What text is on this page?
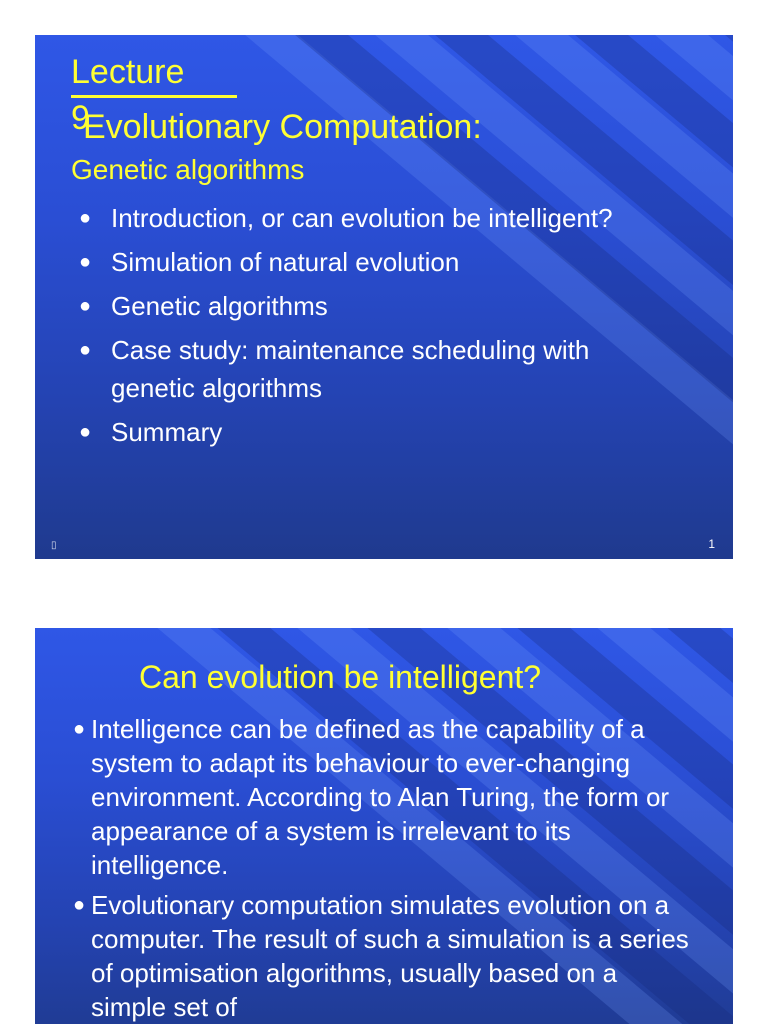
Lecture
9
Evolutionary Computation:
Genetic algorithms
● Introduction, or can evolution be intelligent?
● Simulation of natural evolution
● Genetic algorithms
● Case study: maintenance scheduling with genetic algorithms
● Summary
▯	1
Can evolution be intelligent?
● Intelligence can be defined as the capability of a system to adapt its behaviour to ever-changing environment. According to Alan Turing, the form or appearance of a system is irrelevant to its intelligence.
● Evolutionary computation simulates evolution on a computer. The result of such a simulation is a series of optimisation algorithms, usually based on a simple set of
